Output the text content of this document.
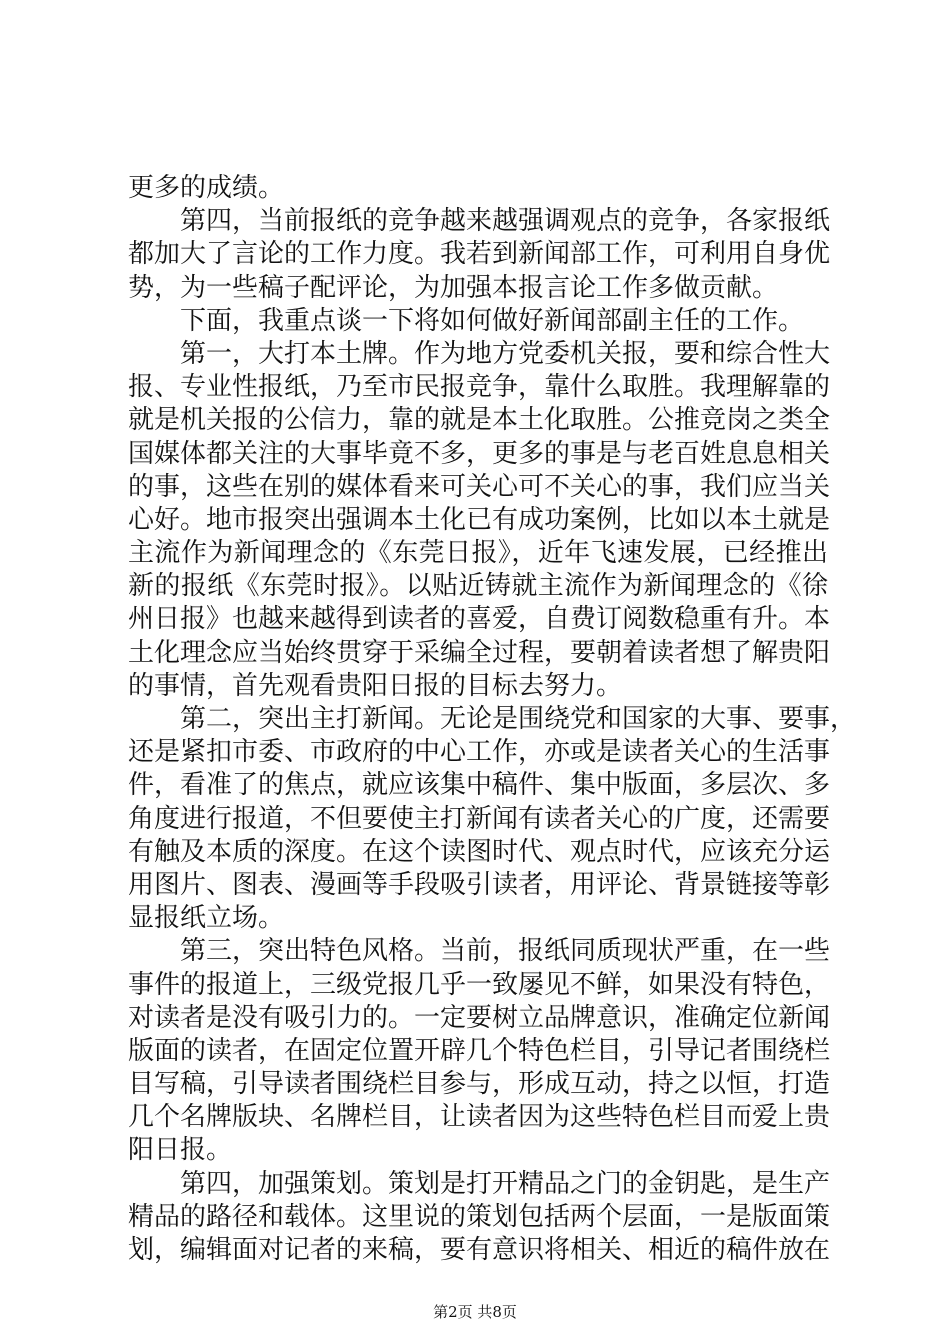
更多的成绩。
第四，当前报纸的竞争越来越强调观点的竞争，各家报纸
都加大了言论的工作力度。我若到新闻部工作，可利用自身优
势，为一些稿子配评论，为加强本报言论工作多做贡献。
下面，我重点谈一下将如何做好新闻部副主任的工作。
第一，大打本土牌。作为地方党委机关报，要和综合性大
报、专业性报纸，乃至市民报竞争，靠什么取胜。我理解靠的
就是机关报的公信力，靠的就是本土化取胜。公推竞岗之类全
国媒体都关注的大事毕竟不多，更多的事是与老百姓息息相关
的事，这些在别的媒体看来可关心可不关心的事，我们应当关
心好。地市报突出强调本土化已有成功案例，比如以本土就是
主流作为新闻理念的《东莞日报》，近年飞速发展，已经推出
新的报纸《东莞时报》。以贴近铸就主流作为新闻理念的《徐
州日报》也越来越得到读者的喜爱，自费订阅数稳重有升。本
土化理念应当始终贯穿于采编全过程，要朝着读者想了解贵阳
的事情，首先观看贵阳日报的目标去努力。
第二，突出主打新闻。无论是围绕党和国家的大事、要事，
还是紧扣市委、市政府的中心工作，亦或是读者关心的生活事
件，看准了的焦点，就应该集中稿件、集中版面，多层次、多
角度进行报道，不但要使主打新闻有读者关心的广度，还需要
有触及本质的深度。在这个读图时代、观点时代，应该充分运
用图片、图表、漫画等手段吸引读者，用评论、背景链接等彰
显报纸立场。
第三，突出特色风格。当前，报纸同质现状严重，在一些
事件的报道上，三级党报几乎一致屡见不鲜，如果没有特色，
对读者是没有吸引力的。一定要树立品牌意识，准确定位新闻
版面的读者，在固定位置开辟几个特色栏目，引导记者围绕栏
目写稿，引导读者围绕栏目参与，形成互动，持之以恒，打造
几个名牌版块、名牌栏目，让读者因为这些特色栏目而爱上贵
阳日报。
第四，加强策划。策划是打开精品之门的金钥匙，是生产
精品的路径和载体。这里说的策划包括两个层面，一是版面策
划，编辑面对记者的来稿，要有意识将相关、相近的稿件放在
第2页 共8页
